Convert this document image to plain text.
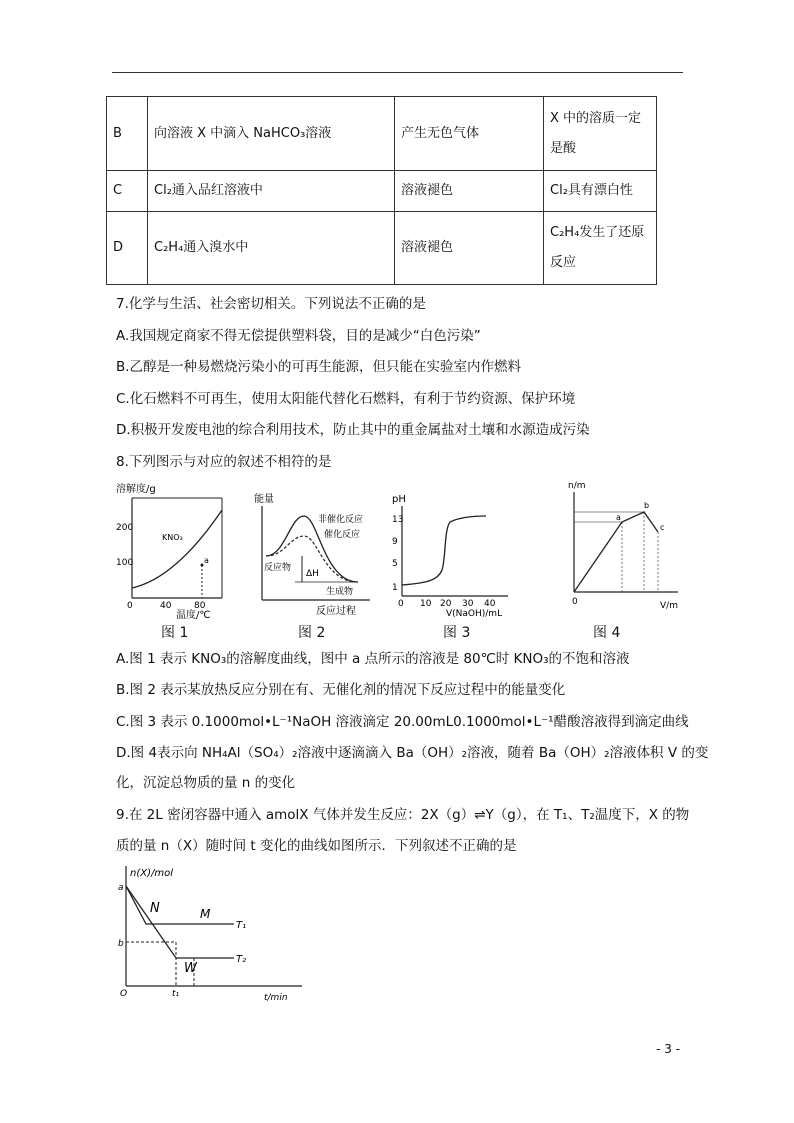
B	向溶液 X 中滴入 NaHCO₃溶液	产生无色气体	X 中的溶质一定是酸
C	Cl₂通入品红溶液中	溶液褪色	Cl₂具有漂白性
D	C₂H₄通入溴水中	溶液褪色	C₂H₄发生了还原反应
7.化学与生活、社会密切相关。下列说法不正确的是
A.我国规定商家不得无偿提供塑料袋，目的是减少“白色污染”
B.乙醇是一种易燃烧污染小的可再生能源，但只能在实验室内作燃料
C.化石燃料不可再生，使用太阳能代替化石燃料，有利于节约资源、保护环境
D.积极开发废电池的综合利用技术，防止其中的重金属盐对土壤和水源造成污染
8.下列图示与对应的叙述不相符的是
溶解度/g
KNO₃
200
100	a
0	40	80
温度/℃
能量
非催化反应
催化反应
反应物
ΔH
生成物
反应过程
pH
13
9
5
1
0 10 20 30 40
V(NaOH)/mL
n/m
a
b
c
0	V/m
图 1	图 2	图 3	图 4
A.图 1 表示 KNO₃的溶解度曲线，图中 a 点所示的溶液是 80℃时 KNO₃的不饱和溶液
B.图 2 表示某放热反应分别在有、无催化剂的情况下反应过程中的能量变化
C.图 3 表示 0.1000mol•L⁻¹NaOH 溶液滴定 20.00mL0.1000mol•L⁻¹醋酸溶液得到滴定曲线
D.图 4表示向 NH₄Al（SO₄）₂溶液中逐滴滴入 Ba（OH）₂溶液，随着 Ba（OH）₂溶液体积 V 的变
化，沉淀总物质的量 n 的变化
9.在 2L 密闭容器中通入 amolX 气体并发生反应：2X（g）⇌Y（g），在 T₁、T₂温度下，X 的物
质的量 n（X）随时间 t 变化的曲线如图所示．下列叙述不正确的是
n(X)/mol
a
b
O
N	M
W
T₁
T₂
t₁	t/min
- 3 -
